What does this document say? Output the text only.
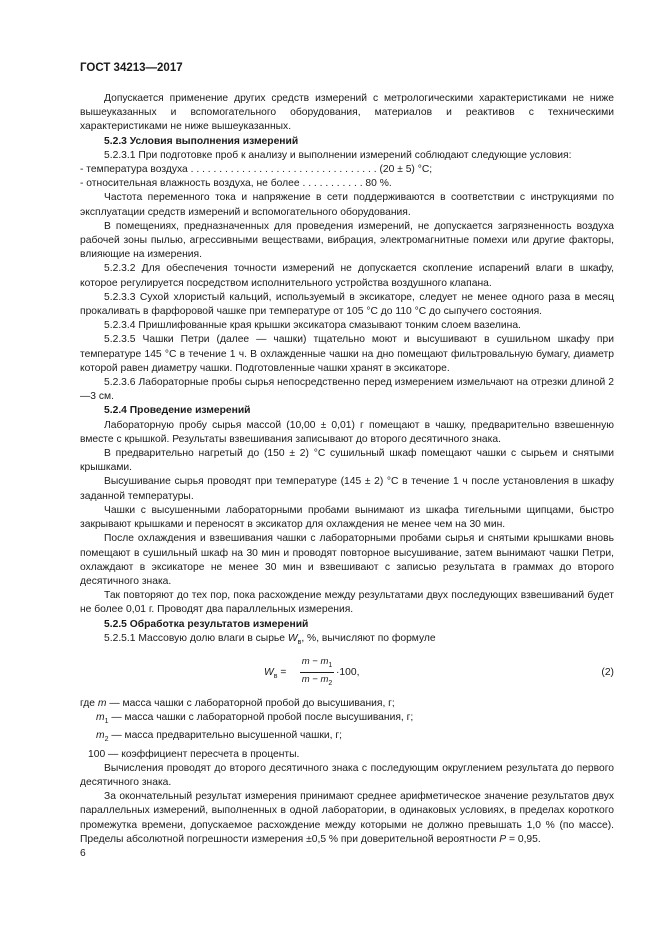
ГОСТ 34213—2017

Допускается применение других средств измерений с метрологическими характеристиками не ниже вышеуказанных и вспомогательного оборудования, материалов и реактивов с техническими характеристиками не ниже вышеуказанных.

5.2.3 Условия выполнения измерений

5.2.3.1 При подготовке проб к анализу и выполнении измерений соблюдают следующие условия:

- температура воздуха . . . . . . . . . . . . . . . . . . . . . . . . . . . . . . . . . (20 ± 5) °С;

- относительная влажность воздуха, не более . . . . . . . . . . . 80 %.

Частота переменного тока и напряжение в сети поддерживаются в соответствии с инструкциями по эксплуатации средств измерений и вспомогательного оборудования.

В помещениях, предназначенных для проведения измерений, не допускается загрязненность воздуха рабочей зоны пылью, агрессивными веществами, вибрация, электромагнитные помехи или другие факторы, влияющие на измерения.

5.2.3.2 Для обеспечения точности измерений не допускается скопление испарений влаги в шкафу, которое регулируется посредством исполнительного устройства воздушного клапана.

5.2.3.3 Сухой хлористый кальций, используемый в эксикаторе, следует не менее одного раза в месяц прокаливать в фарфоровой чашке при температуре от 105 °С до 110 °С до сыпучего состояния.

5.2.3.4 Пришлифованные края крышки эксикатора смазывают тонким слоем вазелина.

5.2.3.5 Чашки Петри (далее — чашки) тщательно моют и высушивают в сушильном шкафу при температуре 145 °С в течение 1 ч. В охлажденные чашки на дно помещают фильтровальную бумагу, диаметр которой равен диаметру чашки. Подготовленные чашки хранят в эксикаторе.

5.2.3.6 Лабораторные пробы сырья непосредственно перед измерением измельчают на отрезки длиной 2—3 см.

5.2.4 Проведение измерений

Лабораторную пробу сырья массой (10,00 ± 0,01) г помещают в чашку, предварительно взвешенную вместе с крышкой. Результаты взвешивания записывают до второго десятичного знака.

В предварительно нагретый до (150 ± 2) °С сушильный шкаф помещают чашки с сырьем и снятыми крышками.

Высушивание сырья проводят при температуре (145 ± 2) °С в течение 1 ч после установления в шкафу заданной температуры.

Чашки с высушенными лабораторными пробами вынимают из шкафа тигельными щипцами, быстро закрывают крышками и переносят в эксикатор для охлаждения не менее чем на 30 мин.

После охлаждения и взвешивания чашки с лабораторными пробами сырья и снятыми крышками вновь помещают в сушильный шкаф на 30 мин и проводят повторное высушивание, затем вынимают чашки Петри, охлаждают в эксикаторе не менее 30 мин и взвешивают с записью результата в граммах до второго десятичного знака.

Так повторяют до тех пор, пока расхождение между результатами двух последующих взвешиваний будет не более 0,01 г. Проводят два параллельных измерения.

5.2.5 Обработка результатов измерений

5.2.5.1 Массовую долю влаги в сырье $W_в$, %, вычисляют по формуле

$W_в = \frac{m - m_1}{m - m_2} \cdot 100$,	(2)

где m — масса чашки с лабораторной пробой до высушивания, г;

$m_1$ — масса чашки с лабораторной пробой после высушивания, г;

$m_2$ — масса предварительно высушенной чашки, г;

100 — коэффициент пересчета в проценты.

Вычисления проводят до второго десятичного знака с последующим округлением результата до первого десятичного знака.

За окончательный результат измерения принимают среднее арифметическое значение результатов двух параллельных измерений, выполненных в одной лаборатории, в одинаковых условиях, в пределах короткого промежутка времени, допускаемое расхождение между которыми не должно превышать 1,0 % (по массе). Пределы абсолютной погрешности измерения ±0,5 % при доверительной вероятности P = 0,95.

6
